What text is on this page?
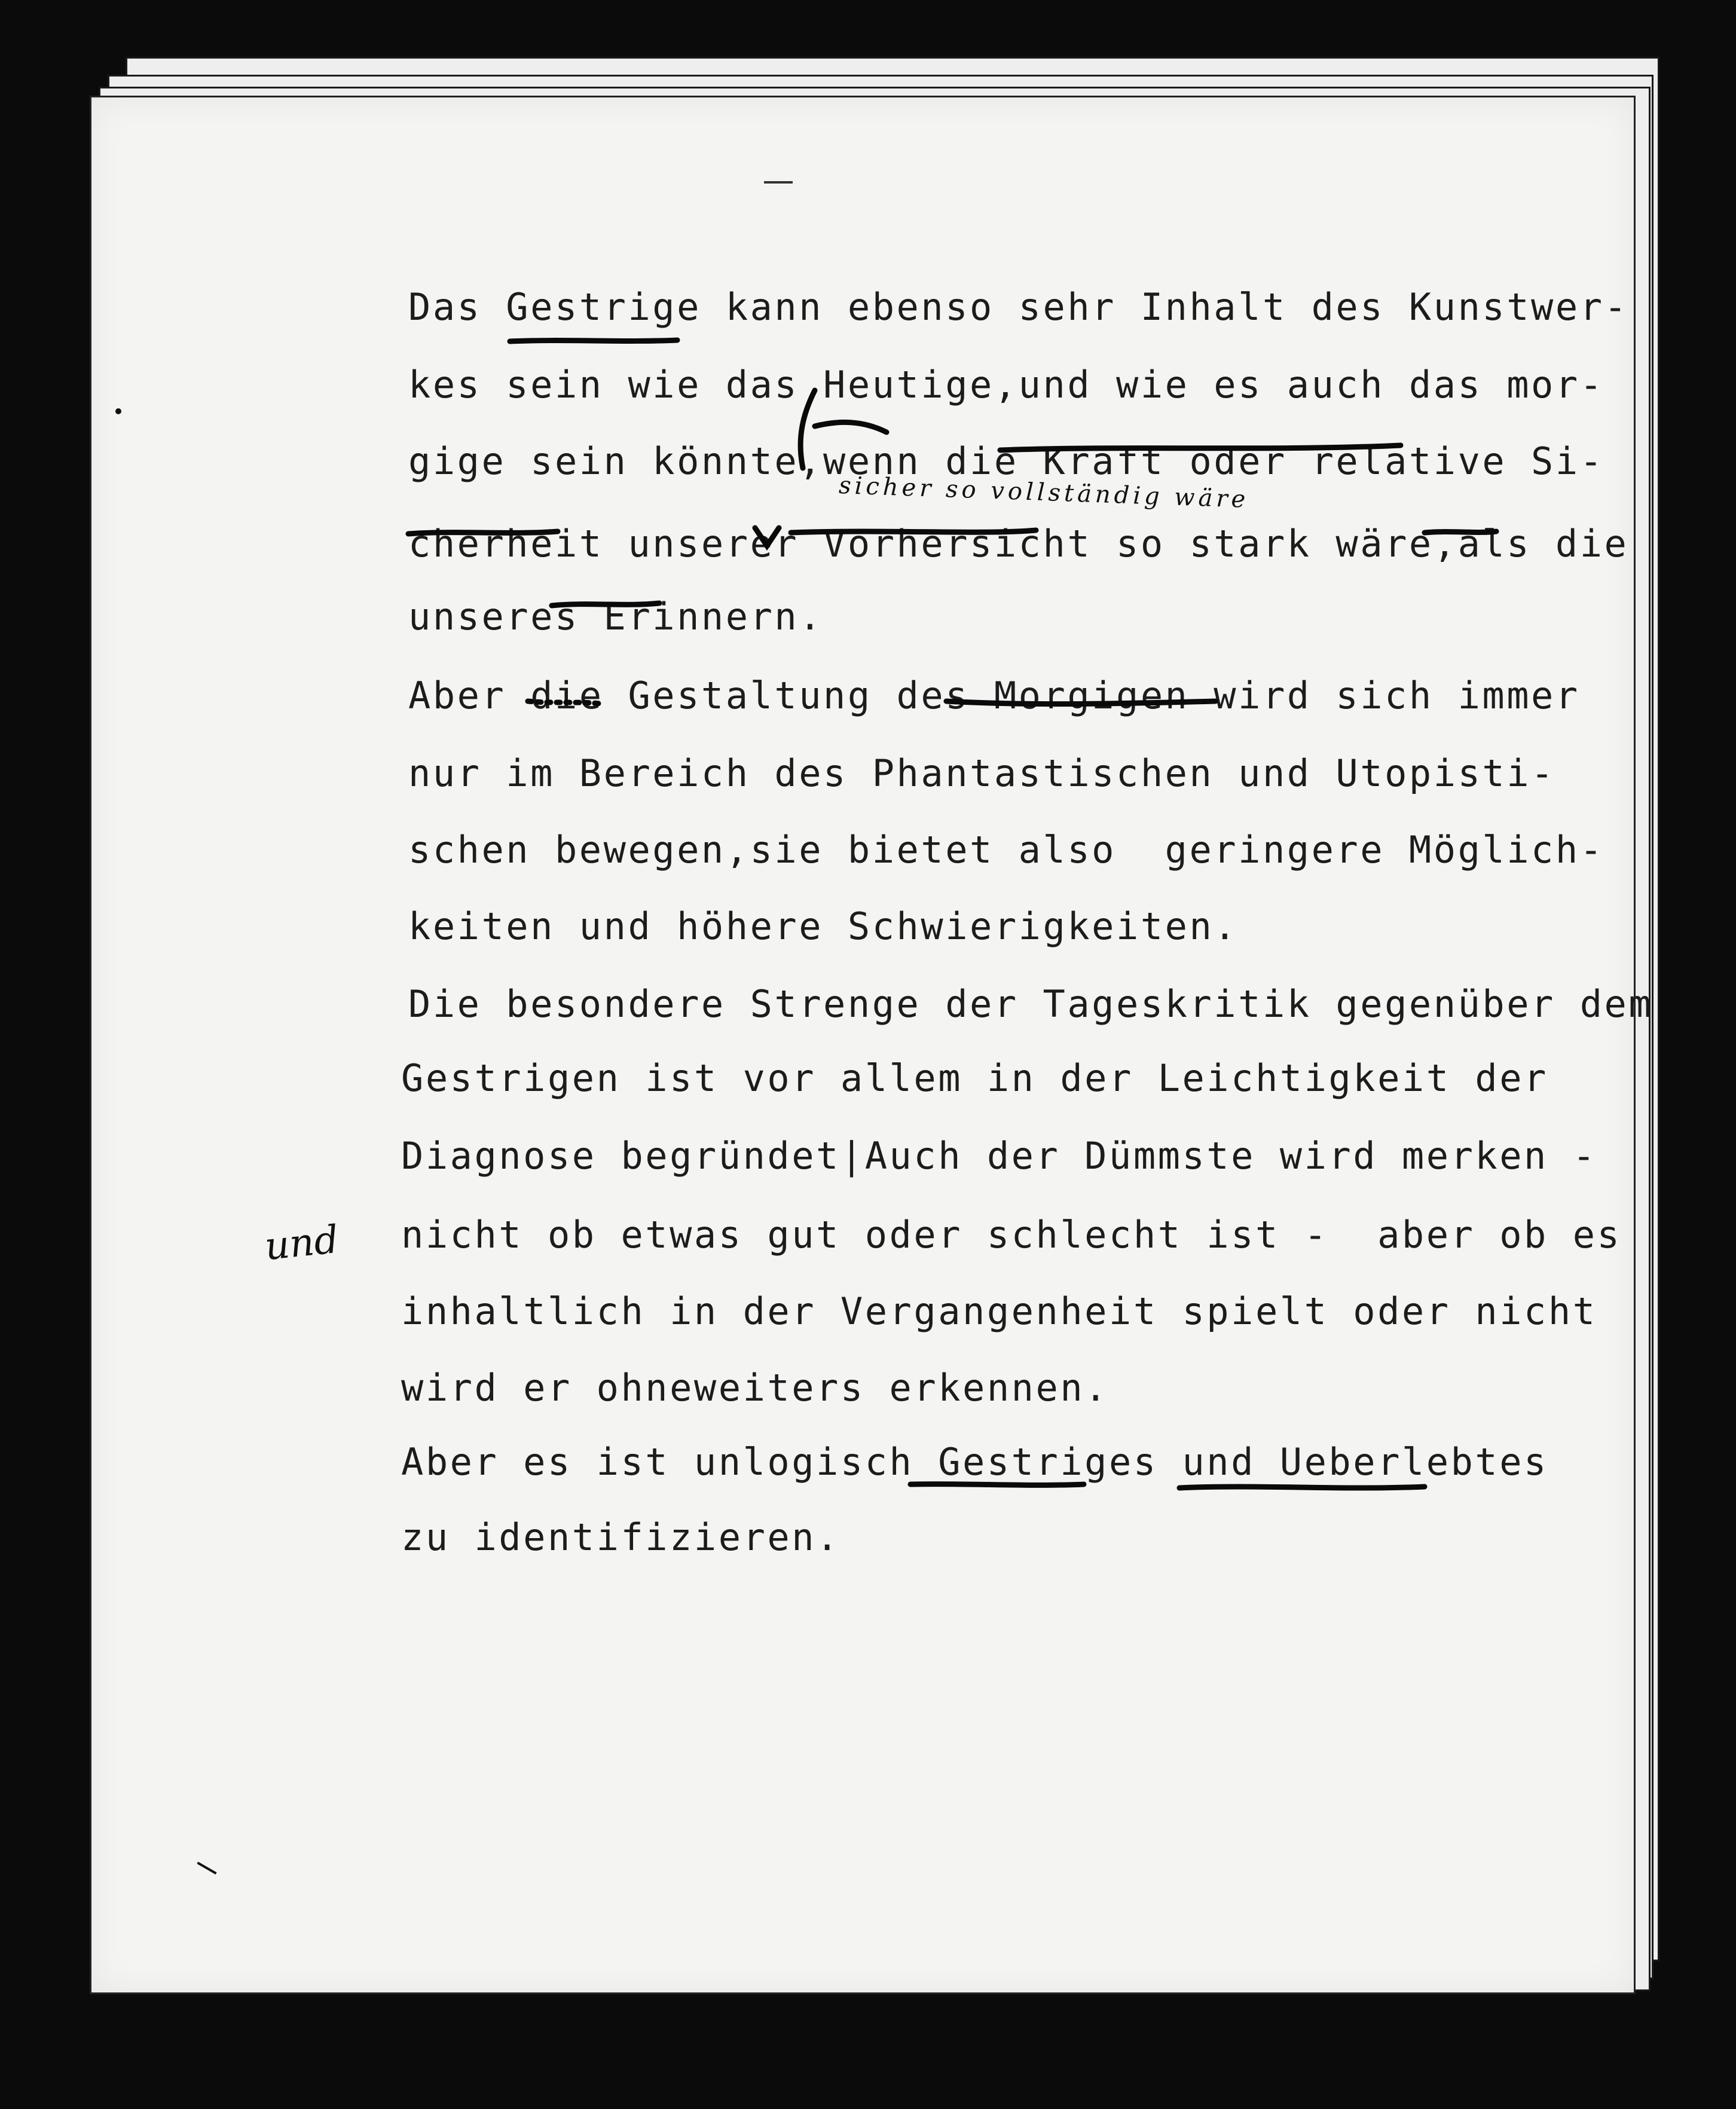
Das Gestrige kann ebenso sehr Inhalt des Kunstwer-
kes sein wie das Heutige,und wie es auch das mor-
gige sein könnte,wenn die Kraft oder relative Si-
cherheit unserer Vorhersicht so stark wäre,als die
unseres Erinnern.
Aber die Gestaltung des Morgigen wird sich immer
nur im Bereich des Phantastischen und Utopisti-
schen bewegen,sie bietet also  geringere Möglich-
keiten und höhere Schwierigkeiten.
Die besondere Strenge der Tageskritik gegenüber dem
Gestrigen ist vor allem in der Leichtigkeit der
Diagnose begründet|Auch der Dümmste wird merken -
nicht ob etwas gut oder schlecht ist -  aber ob es
inhaltlich in der Vergangenheit spielt oder nicht
wird er ohneweiters erkennen.
Aber es ist unlogisch Gestriges und Ueberlebtes
zu identifizieren.
sicher so vollständig wäre
und
